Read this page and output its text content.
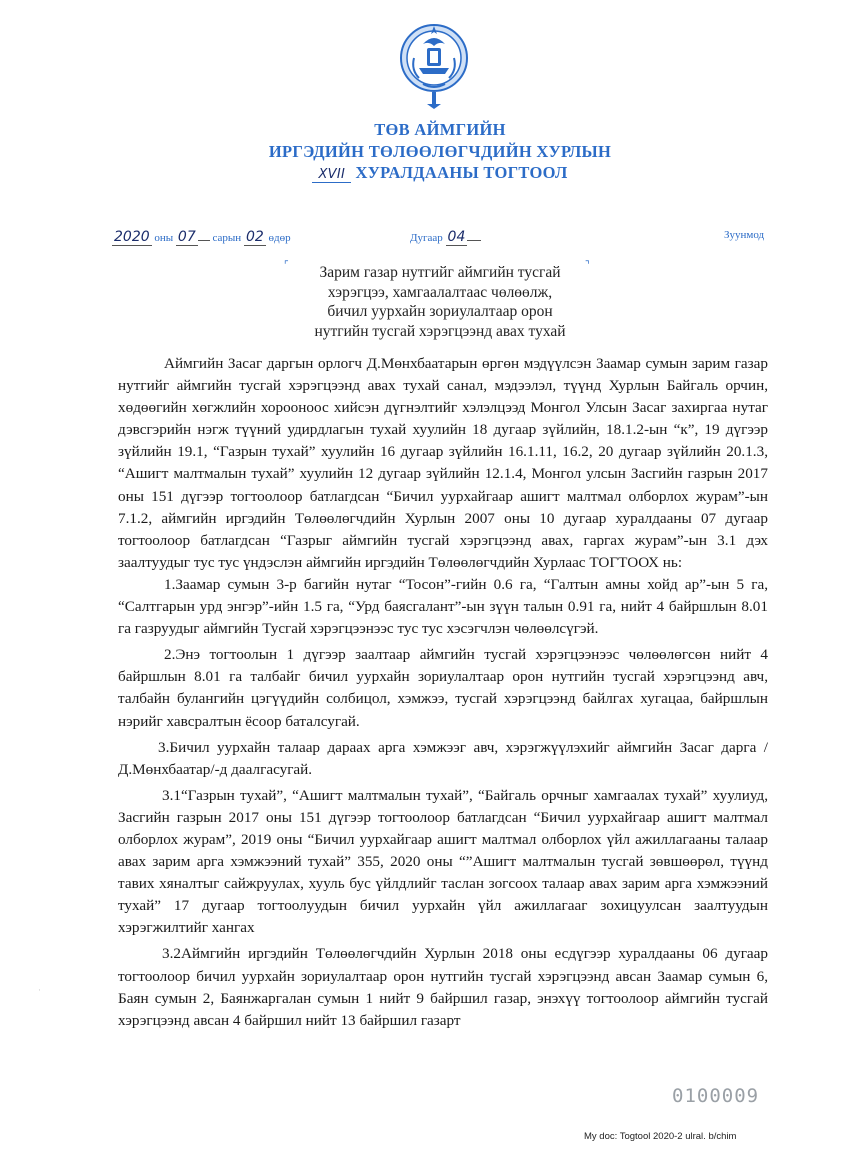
ТӨВ АЙМГИЙН
ИРГЭДИЙН ТӨЛӨӨЛӨГЧДИЙН ХУРЛЫН
XVII ХУРАЛДААНЫ ТОГТООЛ
2020 оны 07 сарын 02 өдөр	Дугаар 04	Зуунмод
⌜	⌝
Зарим газар нутгийг аймгийн тусгай
хэрэгцээ, хамгаалалтаас чөлөөлж,
бичил уурхайн зориулалтаар орон
нутгийн тусгай хэрэгцээнд авах тухай

Аймгийн Засаг даргын орлогч Д.Мөнхбаатарын өргөн мэдүүлсэн Заамар сумын зарим газар нутгийг аймгийн тусгай хэрэгцээнд авах тухай санал, мэдээлэл, түүнд Хурлын Байгаль орчин, хөдөөгийн хөгжлийн хорооноос хийсэн дүгнэлтийг хэлэлцээд Монгол Улсын Засаг захиргаа нутаг дэвсгэрийн нэгж түүний удирдлагын тухай хуулийн 18 дугаар зүйлийн, 18.1.2-ын “к”, 19 дүгээр зүйлийн 19.1, “Газрын тухай” хуулийн 16 дугаар зүйлийн 16.1.11, 16.2, 20 дугаар зүйлийн 20.1.3, “Ашигт малтмалын тухай” хуулийн 12 дугаар зүйлийн 12.1.4, Монгол улсын Засгийн газрын 2017 оны 151 дүгээр тогтоолоор батлагдсан “Бичил уурхайгаар ашигт малтмал олборлох журам”-ын 7.1.2, аймгийн иргэдийн Төлөөлөгчдийн Хурлын 2007 оны 10 дугаар хуралдааны 07 дугаар тогтоолоор батлагдсан “Газрыг аймгийн тусгай хэрэгцээнд авах, гаргах журам”-ын 3.1 дэх заалтуудыг тус тус үндэслэн аймгийн иргэдийн Төлөөлөгчдийн Хурлаас ТОГТООХ нь:

1.Заамар сумын 3-р багийн нутаг “Тосон”-гийн 0.6 га, “Галтын амны хойд ар”-ын 5 га, “Салтгарын урд энгэр”-ийн 1.5 га, “Урд баясгалант”-ын зүүн талын 0.91 га, нийт 4 байршлын 8.01 га газруудыг аймгийн Тусгай хэрэгцээнээс тус тус хэсэгчлэн чөлөөлсүгэй.

2.Энэ тогтоолын 1 дүгээр заалтаар аймгийн тусгай хэрэгцээнээс чөлөөлөгсөн нийт 4 байршлын 8.01 га талбайг бичил уурхайн зориулалтаар орон нутгийн тусгай хэрэгцээнд авч, талбайн булангийн цэгүүдийн солбицол, хэмжээ, тусгай хэрэгцээнд байлгах хугацаа, байршлын нэрийг хавсралтын ёсоор баталсугай.

3.Бичил уурхайн талаар дараах арга хэмжээг авч, хэрэгжүүлэхийг аймгийн Засаг дарга /Д.Мөнхбаатар/-д даалгасугай.

3.1“Газрын тухай”, “Ашигт малтмалын тухай”, “Байгаль орчныг хамгаалах тухай” хуулиуд, Засгийн газрын 2017 оны 151 дүгээр тогтоолоор батлагдсан “Бичил уурхайгаар ашигт малтмал олборлох журам”, 2019 оны “Бичил уурхайгаар ашигт малтмал олборлох үйл ажиллагааны талаар авах зарим арга хэмжээний тухай” 355, 2020 оны “”Ашигт малтмалын тусгай зөвшөөрөл, түүнд тавих хяналтыг сайжруулах, хууль бус үйлдлийг таслан зогсоох талаар авах зарим арга хэмжээний тухай” 17 дугаар тогтоолуудын бичил уурхайн үйл ажиллагааг зохицуулсан заалтуудын хэрэгжилтийг хангах

3.2Аймгийн иргэдийн Төлөөлөгчдийн Хурлын 2018 оны есдүгээр хуралдааны 06 дугаар тогтоолоор бичил уурхайн зориулалтаар орон нутгийн тусгай хэрэгцээнд авсан Заамар сумын 6, Баян сумын 2, Баянжаргалан сумын 1 нийт 9 байршил газар, энэхүү тогтоолоор аймгийн тусгай хэрэгцээнд авсан 4 байршил нийт 13 байршил газарт

·
0100009
My doc: Togtool 2020-2 ulral. b/chim
